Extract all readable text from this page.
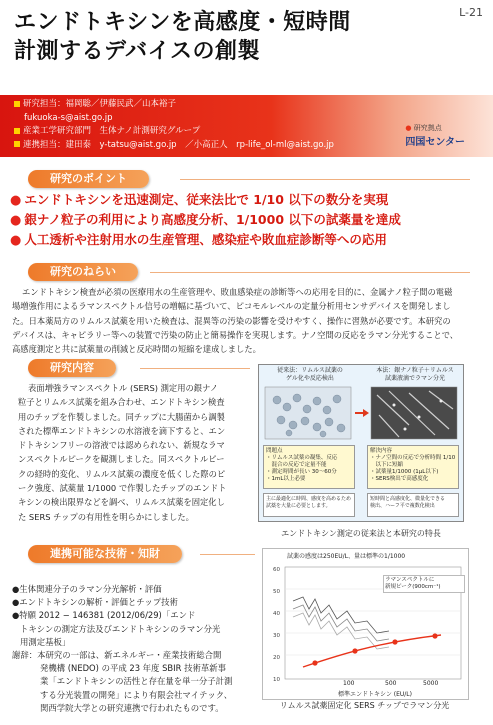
L-21
エンドトキシンを高感度・短時間
計測するデバイスの創製
研究担当：福岡聡／伊藤民武／山本裕子
fukuoka-s@aist.go.jp
産業工学研究部門　生体ナノ計測研究グループ
連携担当：建田泰　y-tatsu@aist.go.jp　／小高正人　rp-life_ol-ml@aist.go.jp
● 研究拠点
四国センター
研究のポイント
● エンドトキシンを迅速測定、従来法比で 1/10 以下の数分を実現
● 銀ナノ粒子の利用により高感度分析、1/1000 以下の試薬量を達成
● 人工透析や注射用水の生産管理、感染症や敗血症診断等への応用
研究のねらい
エンドトキシン検査が必須の医療用水の生産管理や、敗血感染症の診断等への応用を目的に、金属ナノ粒子間の電磁
場増強作用によるラマンスペクトル信号の増幅に基づいて、ピコモルレベルの定量分析用センサデバイスを開発しまし
た。日本薬局方のリムルス試薬を用いた検査は、混異等の汚染の影響を受けやすく、操作に習熟が必要です。本研究の
デバイスは、キャピラリー等への装置で汚染の防止と簡易操作を実現します。ナノ空間の反応をラマン分光することで、
高感度測定と共に試薬量の削減と反応時間の短縮を達成しました。
研究内容
表面増強ラマンスペクトル (SERS) 測定用の銀ナノ
粒子とリムルス試薬を組み合わせ、エンドトキシン検査
用のチップを作製しました。同チップに大腸菌から調製
された標準エンドトキシンの水溶液を滴下すると、エン
ドトキシンフリーの溶液では認められない、新規なラマ
ンスペクトルピークを観測しました。同スペクトルピー
クの経時的変化、リムルス試薬の濃度を低くした際のピ
ーク強度、試薬量 1/1000 で作製したチップのエンドト
キシンの検出限界などを調べ、リムルス試薬を固定化し
た SERS チップの有用性を明らかにしました。
従来法：リムルス試薬の
ゲル化や反応検出
本法：銀ナノ粒子＋リムルス
試薬液滴でラマン分光
問題点
・リムルス試薬の凝集、反応
　混合の反応で定量不能
・測定時間が長い 30〜60分
・1mL以上必要
解決内容
・ナノ空間の反応で分析時間 1/10
　以下に短縮
・試薬量1/1000 (1μL以下)
・SERS検出で高感度化
主に最適化に時間、感度を高めるため
試薬を大量に必要とします。
短時間と高感度化、微量化できる
検出、ハーフ平で複数化検出
エンドトキシン測定の従来法と本研究の特長
連携可能な技術・知財
●生体関連分子のラマン分光解析・評価
●エンドトキシンの解析・評価とチップ技術
●特願 2012 − 146381 (2012/06/29)「エンド
トキシンの測定方法及びエンドトキシンのラマン分光
用測定基板」
謝辞：本研究の一部は、新エネルギー・産業技術総合開
発機構 (NEDO) の平成 23 年度 SBIR 技術革新事
業「エンドトキシンの活性と存在量を単一分子計測
する分光装置の開発」により有限会社マイテック、
関西学院大学との研究連携で行われたものです。
60
50
40
30
20
10
試薬の感度は250EU/L、量は標準の1/1000
ラマンスペクトルに
新規ピーク(900cm⁻¹)
100	500	5000
標準エンドトキシン (EU/L)
リムルス試薬固定化 SERS チップでラマン分光
